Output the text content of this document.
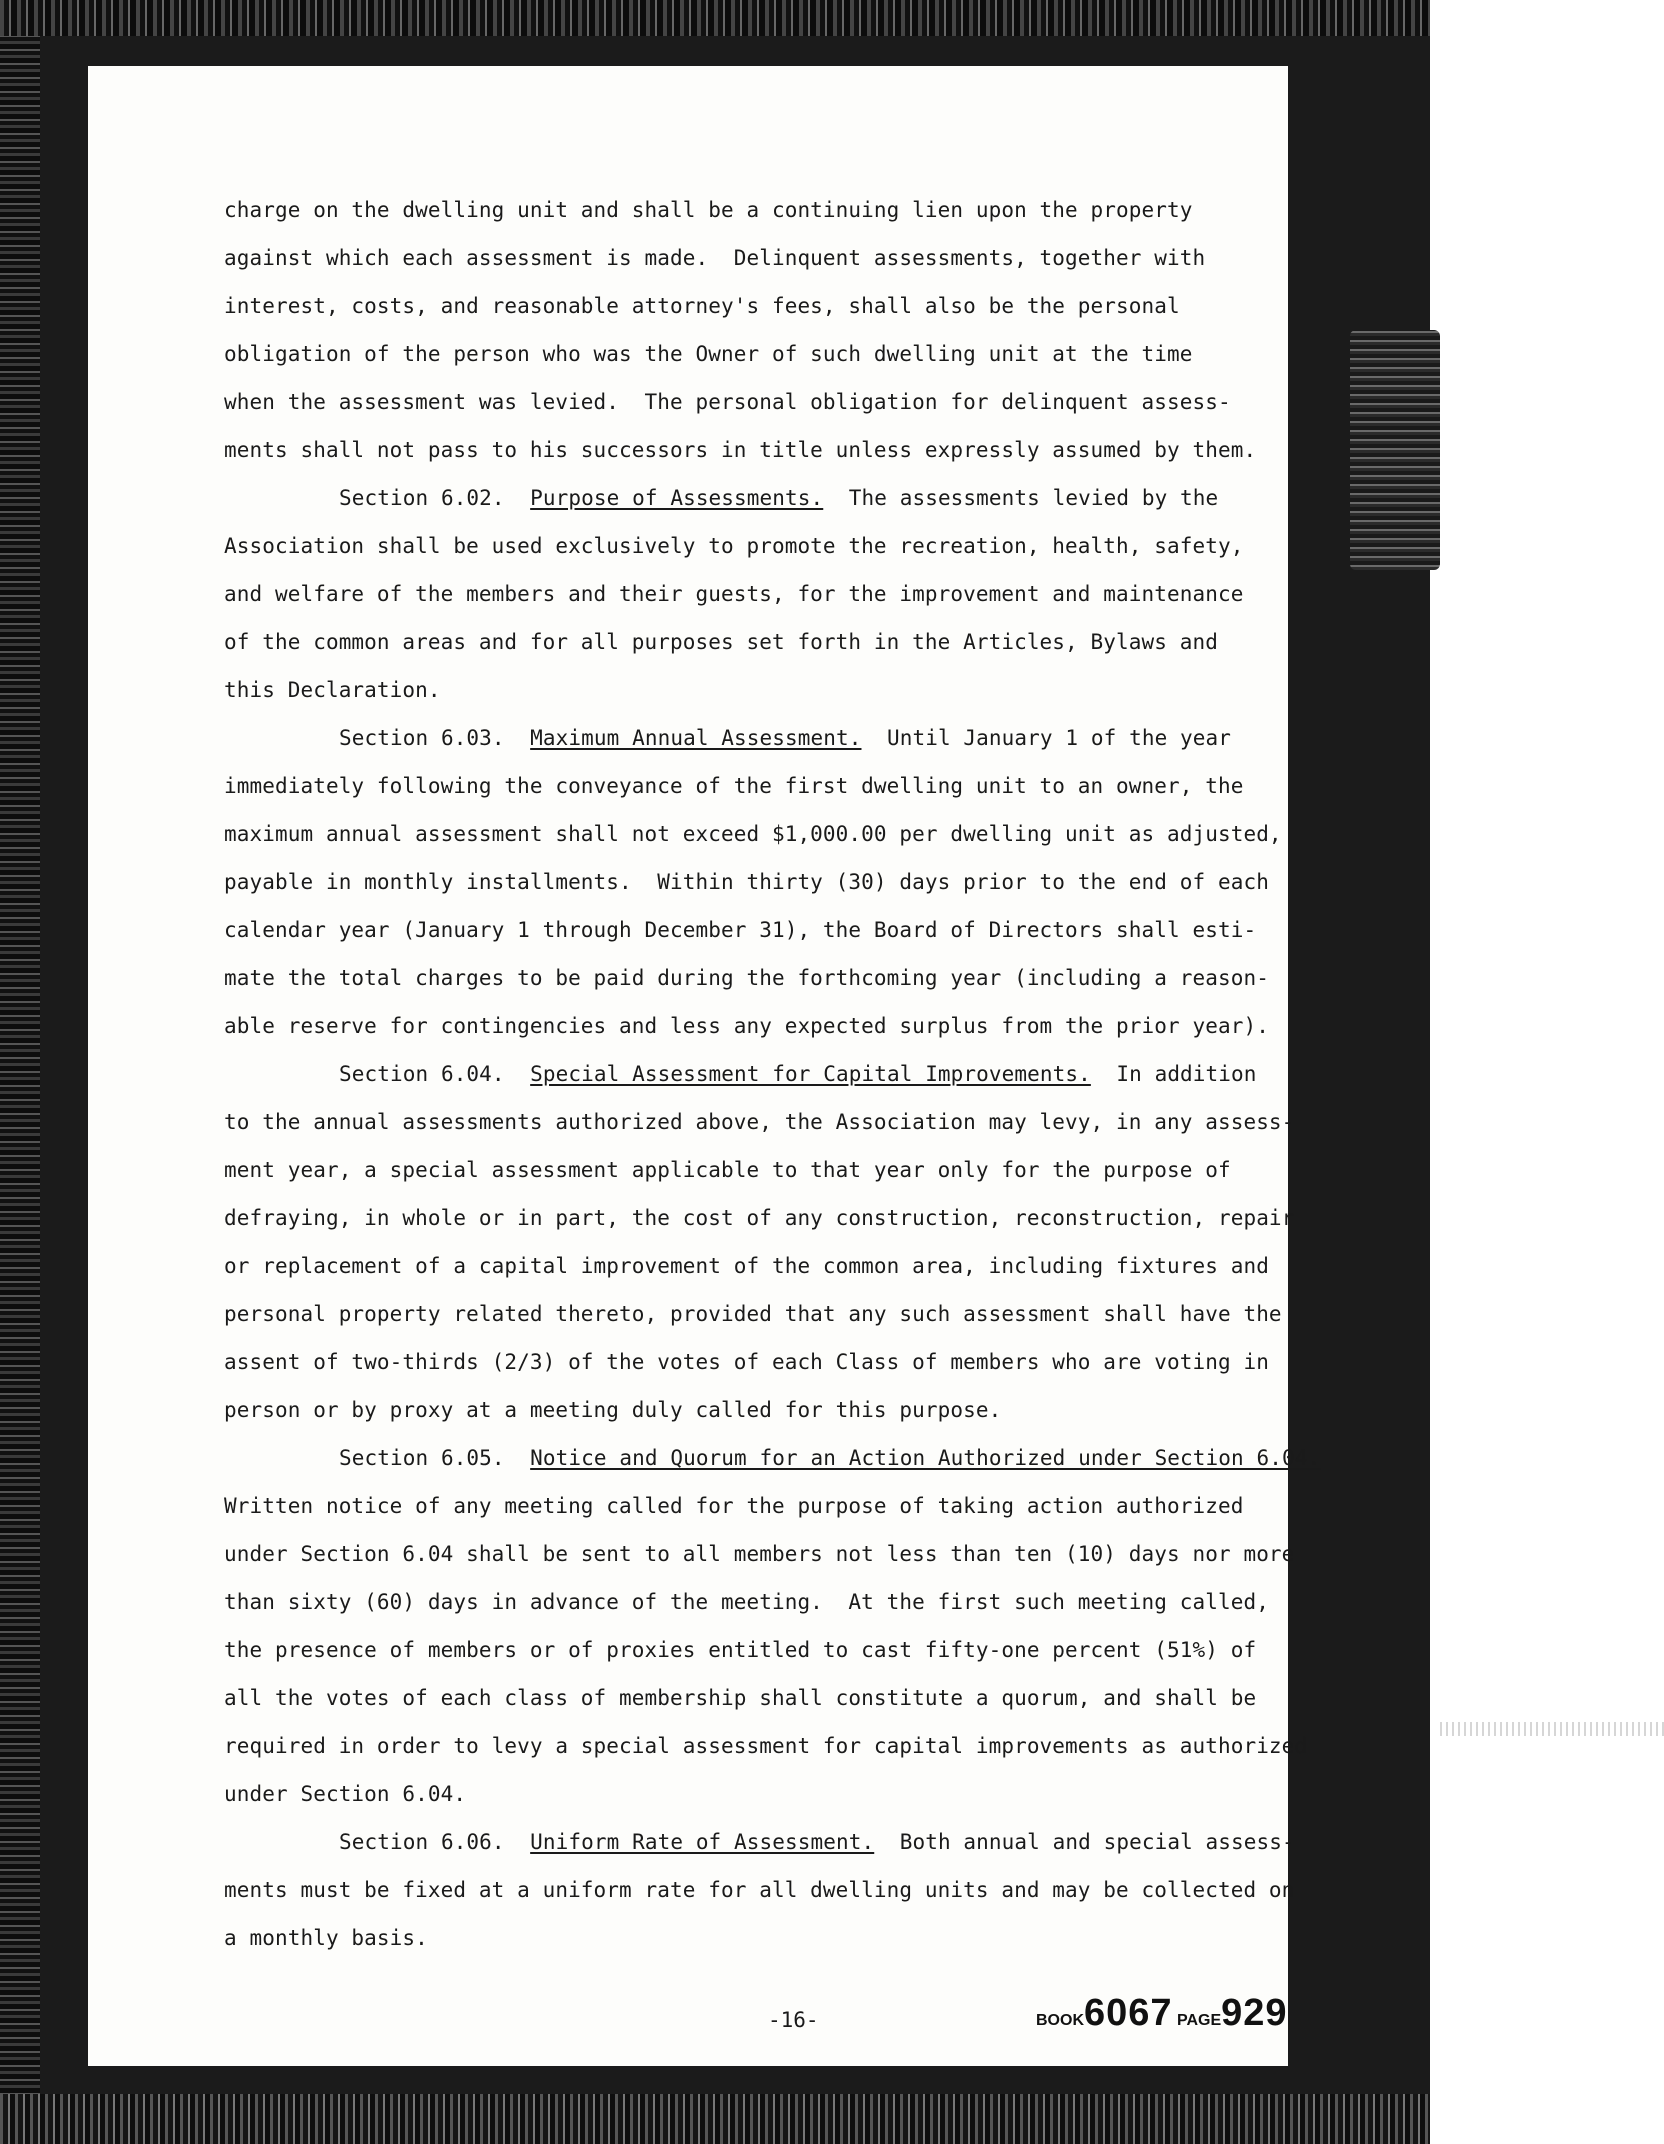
charge on the dwelling unit and shall be a continuing lien upon the property
against which each assessment is made.  Delinquent assessments, together with
interest, costs, and reasonable attorney's fees, shall also be the personal
obligation of the person who was the Owner of such dwelling unit at the time
when the assessment was levied.  The personal obligation for delinquent assess-
ments shall not pass to his successors in title unless expressly assumed by them.
Section 6.02.  Purpose of Assessments.  The assessments levied by the
Association shall be used exclusively to promote the recreation, health, safety,
and welfare of the members and their guests, for the improvement and maintenance
of the common areas and for all purposes set forth in the Articles, Bylaws and
this Declaration.
Section 6.03.  Maximum Annual Assessment.  Until January 1 of the year
immediately following the conveyance of the first dwelling unit to an owner, the
maximum annual assessment shall not exceed $1,000.00 per dwelling unit as adjusted,
payable in monthly installments.  Within thirty (30) days prior to the end of each
calendar year (January 1 through December 31), the Board of Directors shall esti-
mate the total charges to be paid during the forthcoming year (including a reason-
able reserve for contingencies and less any expected surplus from the prior year).
Section 6.04.  Special Assessment for Capital Improvements.  In addition
to the annual assessments authorized above, the Association may levy, in any assess-
ment year, a special assessment applicable to that year only for the purpose of
defraying, in whole or in part, the cost of any construction, reconstruction, repair
or replacement of a capital improvement of the common area, including fixtures and
personal property related thereto, provided that any such assessment shall have the
assent of two-thirds (2/3) of the votes of each Class of members who are voting in
person or by proxy at a meeting duly called for this purpose.
Section 6.05.  Notice and Quorum for an Action Authorized under Section 6.04.
Written notice of any meeting called for the purpose of taking action authorized
under Section 6.04 shall be sent to all members not less than ten (10) days nor more
than sixty (60) days in advance of the meeting.  At the first such meeting called,
the presence of members or of proxies entitled to cast fifty-one percent (51%) of
all the votes of each class of membership shall constitute a quorum, and shall be
required in order to levy a special assessment for capital improvements as authorized
under Section 6.04.
Section 6.06.  Uniform Rate of Assessment.  Both annual and special assess-
ments must be fixed at a uniform rate for all dwelling units and may be collected on
a monthly basis.
-16-	BOOK6067 PAGE929
